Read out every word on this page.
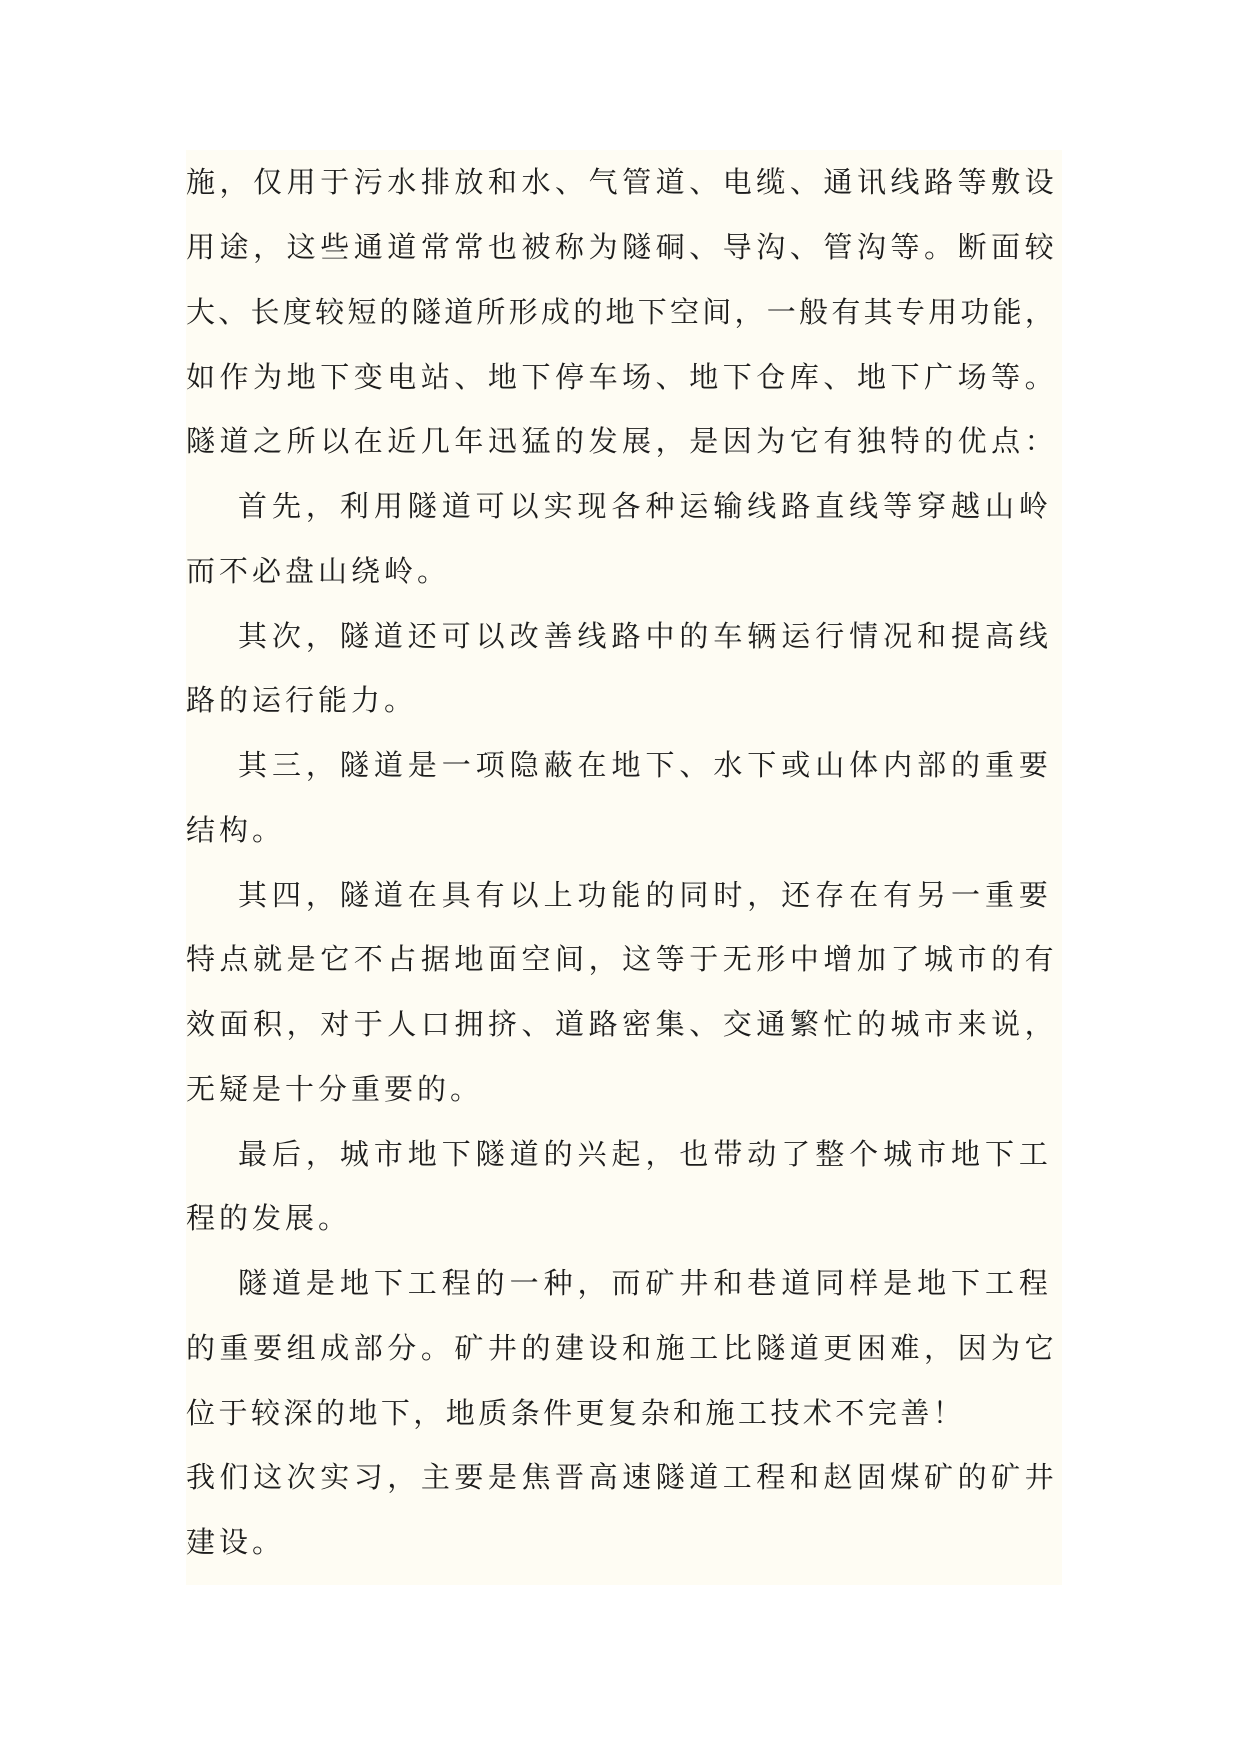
施 ， 仅 用 于 污 水 排 放 和 水 、 气 管 道 、 电 缆 、 通 讯 线 路 等 敷 设
用 途 ， 这 些 通 道 常 常 也 被 称 为 隧 硐 、 导 沟 、 管 沟 等 。 断 面 较
大 、 长 度 较 短 的 隧 道 所 形 成 的 地 下 空 间 ， 一 般 有 其 专 用 功 能 ，
如 作 为 地 下 变 电 站 、 地 下 停 车 场 、 地 下 仓 库 、 地 下 广 场 等 。
隧 道 之 所 以 在 近 几 年 迅 猛 的 发 展 ， 是 因 为 它 有 独 特 的 优 点 ：
首 先 ， 利 用 隧 道 可 以 实 现 各 种 运 输 线 路 直 线 等 穿 越 山 岭
而不必盘山绕岭。
其 次 ， 隧 道 还 可 以 改 善 线 路 中 的 车 辆 运 行 情 况 和 提 高 线
路的运行能力。
其 三 ， 隧 道 是 一 项 隐 蔽 在 地 下 、 水 下 或 山 体 内 部 的 重 要
结构。
其 四 ， 隧 道 在 具 有 以 上 功 能 的 同 时 ， 还 存 在 有 另 一 重 要
特 点 就 是 它 不 占 据 地 面 空 间 ， 这 等 于 无 形 中 增 加 了 城 市 的 有
效 面 积 ， 对 于 人 口 拥 挤 、 道 路 密 集 、 交 通 繁 忙 的 城 市 来 说 ，
无疑是十分重要的。
最 后 ， 城 市 地 下 隧 道 的 兴 起 ， 也 带 动 了 整 个 城 市 地 下 工
程的发展。
隧 道 是 地 下 工 程 的 一 种 ， 而 矿 井 和 巷 道 同 样 是 地 下 工 程
的 重 要 组 成 部 分 。 矿 井 的 建 设 和 施 工 比 隧 道 更 困 难 ， 因 为 它
位 于 较 深 的 地 下 ， 地 质 条 件 更 复 杂 和 施 工 技 术 不 完 善 ！
我 们 这 次 实 习 ， 主 要 是 焦 晋 高 速 隧 道 工 程 和 赵 固 煤 矿 的 矿 井
建设。
